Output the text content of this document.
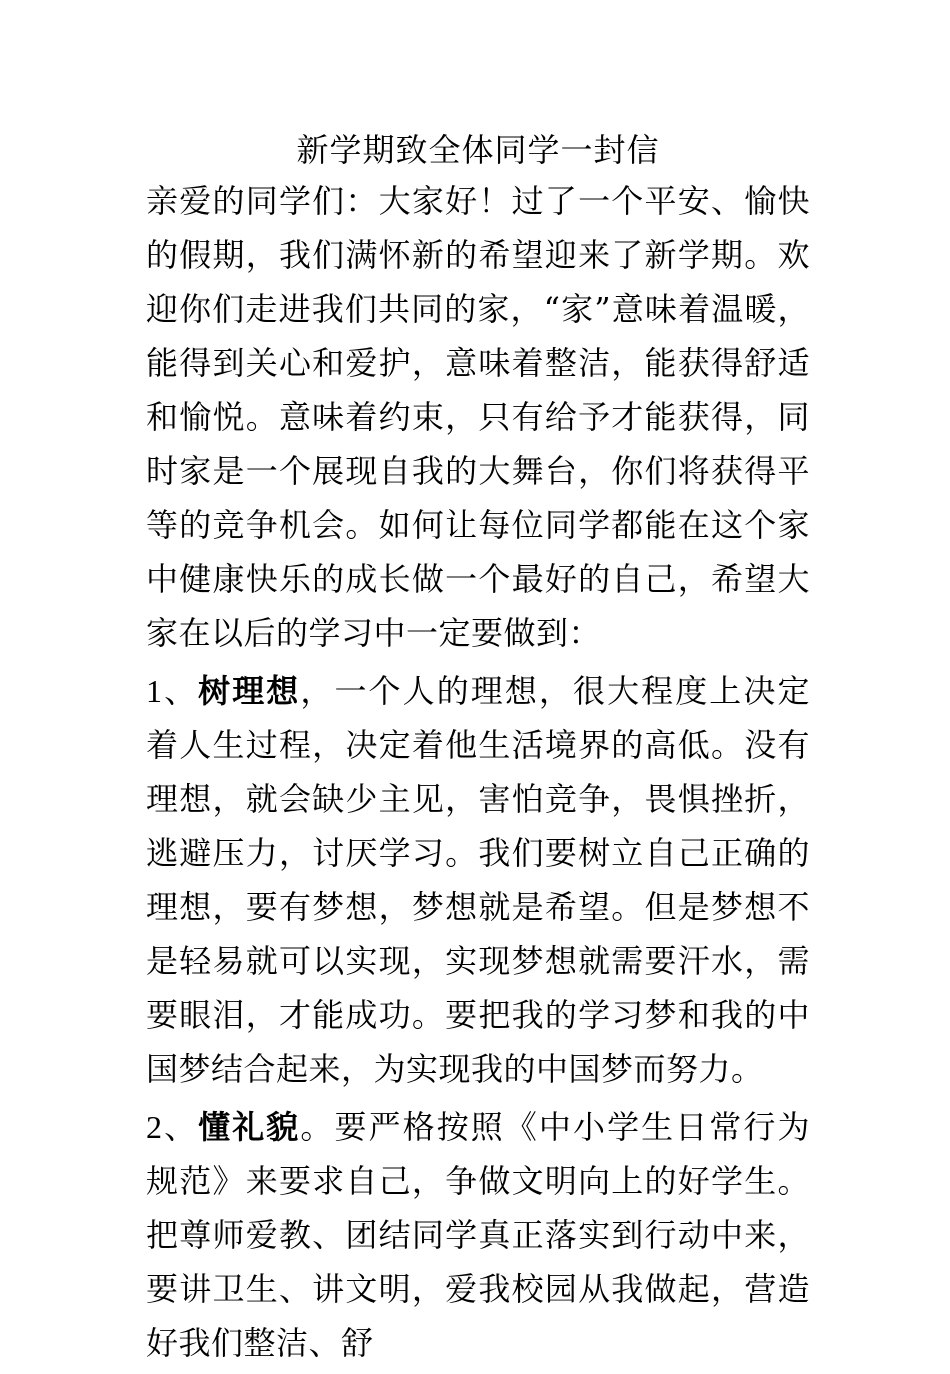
新学期致全体同学一封信

亲爱的同学们：大家好！过了一个平安、愉快的假期，我们满怀新的希望迎来了新学期。欢迎你们走进我们共同的家，“家”意味着温暖，能得到关心和爱护，意味着整洁，能获得舒适和愉悦。意味着约束，只有给予才能获得，同时家是一个展现自我的大舞台，你们将获得平等的竞争机会。如何让每位同学都能在这个家中健康快乐的成长做一个最好的自己，希望大家在以后的学习中一定要做到：

1、树理想，一个人的理想，很大程度上决定着人生过程，决定着他生活境界的高低。没有理想，就会缺少主见，害怕竞争，畏惧挫折，逃避压力，讨厌学习。我们要树立自己正确的理想，要有梦想，梦想就是希望。但是梦想不是轻易就可以实现，实现梦想就需要汗水，需要眼泪，才能成功。要把我的学习梦和我的中国梦结合起来，为实现我的中国梦而努力。

2、懂礼貌。要严格按照《中小学生日常行为规范》来要求自己，争做文明向上的好学生。把尊师爱教、团结同学真正落实到行动中来，要讲卫生、讲文明，爱我校园从我做起，营造好我们整洁、舒
